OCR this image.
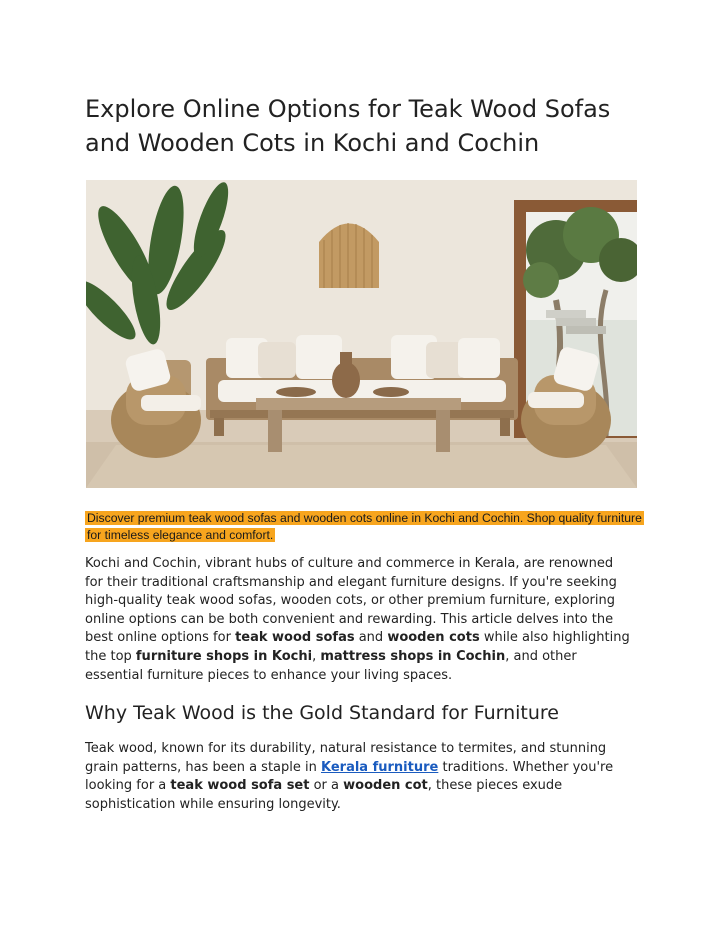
Explore Online Options for Teak Wood Sofas and Wooden Cots in Kochi and Cochin
Discover premium teak wood sofas and wooden cots online in Kochi and Cochin. Shop quality furniture for timeless elegance and comfort.

Kochi and Cochin, vibrant hubs of culture and commerce in Kerala, are renowned for their traditional craftsmanship and elegant furniture designs. If you're seeking high-quality teak wood sofas, wooden cots, or other premium furniture, exploring online options can be both convenient and rewarding. This article delves into the best online options for teak wood sofas and wooden cots while also highlighting the top furniture shops in Kochi, mattress shops in Cochin, and other essential furniture pieces to enhance your living spaces.

Why Teak Wood is the Gold Standard for Furniture

Teak wood, known for its durability, natural resistance to termites, and stunning grain patterns, has been a staple in Kerala furniture traditions. Whether you're looking for a teak wood sofa set or a wooden cot, these pieces exude sophistication while ensuring longevity.
